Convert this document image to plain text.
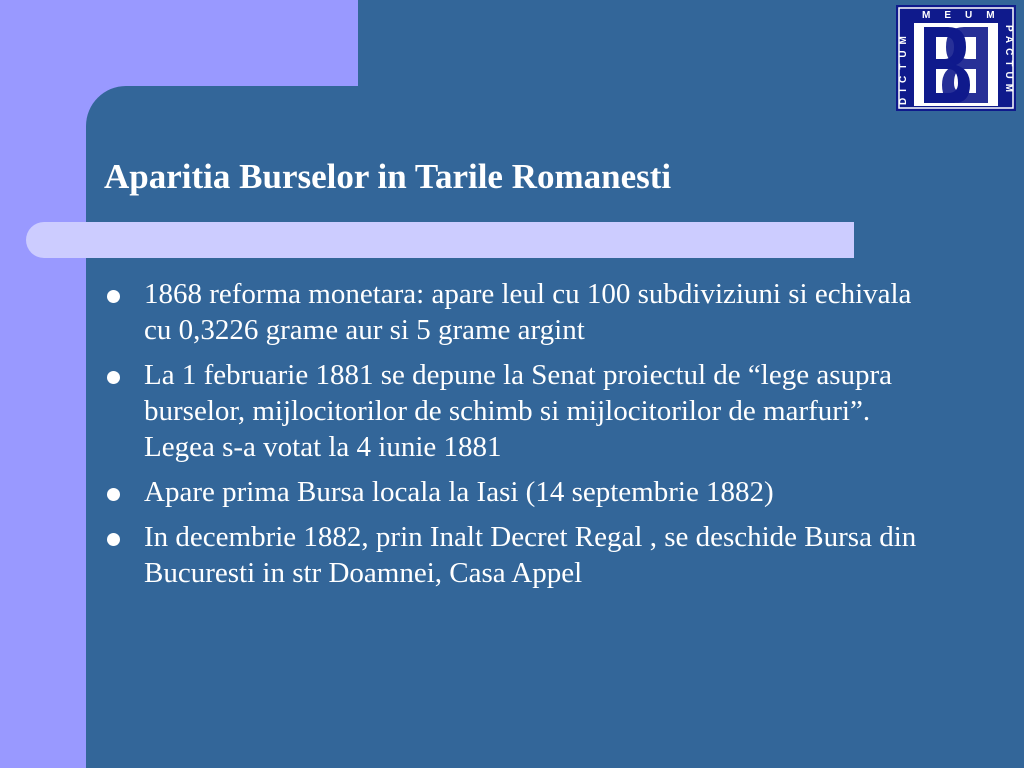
DICTUM
MEUM
PACTUM
Aparitia Burselor in Tarile Romanesti
1868 reforma monetara: apare leul cu 100 subdiviziuni si echivala cu 0,3226 grame aur si 5 grame argint
La 1 februarie 1881 se depune la Senat proiectul de “lege asupra burselor, mijlocitorilor de schimb si mijlocitorilor de marfuri”. Legea s-a votat la 4 iunie 1881
Apare prima Bursa locala la Iasi (14 septembrie 1882)
In decembrie 1882, prin Inalt Decret Regal , se deschide Bursa din Bucuresti in str Doamnei, Casa Appel
